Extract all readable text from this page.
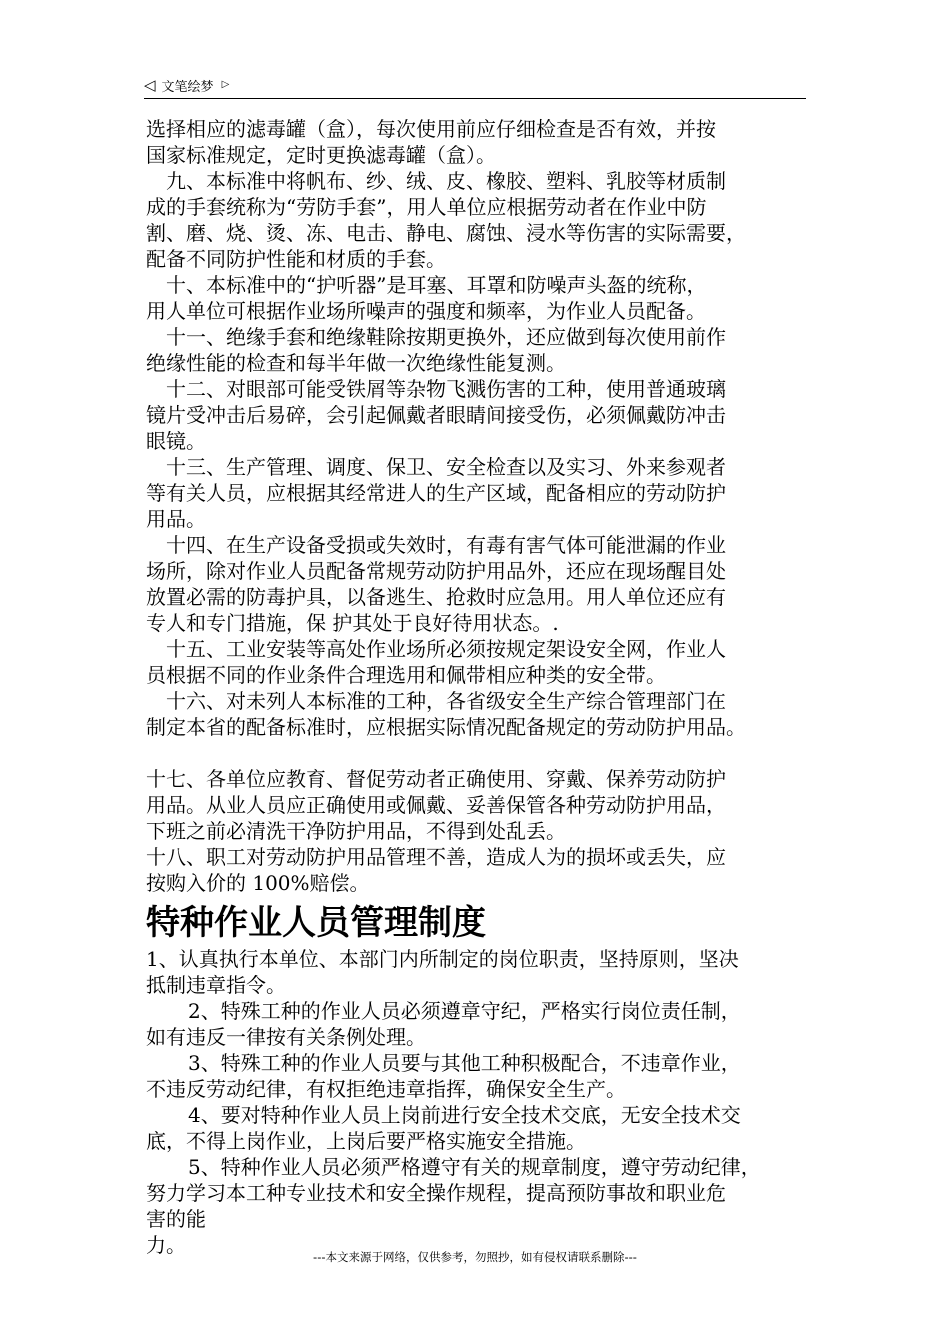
◁ 文笔绘梦 ▷

选择相应的滤毒罐（盒），每次使用前应仔细检查是否有效，并按

国家标准规定，定时更换滤毒罐（盒）。

九、本标准中将帆布、纱、绒、皮、橡胶、塑料、乳胶等材质制

成的手套统称为“劳防手套”，用人单位应根据劳动者在作业中防

割、磨、烧、烫、冻、电击、静电、腐蚀、浸水等伤害的实际需要，

配备不同防护性能和材质的手套。

十、本标准中的“护听器”是耳塞、耳罩和防噪声头盔的统称，

用人单位可根据作业场所噪声的强度和频率，为作业人员配备。

十一、绝缘手套和绝缘鞋除按期更换外，还应做到每次使用前作

绝缘性能的检查和每半年做一次绝缘性能复测。

十二、对眼部可能受铁屑等杂物飞溅伤害的工种，使用普通玻璃

镜片受冲击后易碎，会引起佩戴者眼睛间接受伤，必须佩戴防冲击

眼镜。

十三、生产管理、调度、保卫、安全检查以及实习、外来参观者

等有关人员，应根据其经常进人的生产区域，配备相应的劳动防护

用品。

十四、在生产设备受损或失效时，有毒有害气体可能泄漏的作业

场所，除对作业人员配备常规劳动防护用品外，还应在现场醒目处

放置必需的防毒护具，以备逃生、抢救时应急用。用人单位还应有

专人和专门措施，保 护其处于良好待用状态。.

十五、工业安装等高处作业场所必须按规定架设安全网，作业人

员根据不同的作业条件合理选用和佩带相应种类的安全带。

十六、对未列人本标准的工种，各省级安全生产综合管理部门在

制定本省的配备标准时，应根据实际情况配备规定的劳动防护用品。

十七、各单位应教育、督促劳动者正确使用、穿戴、保养劳动防护

用品。从业人员应正确使用或佩戴、妥善保管各种劳动防护用品，

下班之前必清洗干净防护用品，不得到处乱丢。

十八、职工对劳动防护用品管理不善，造成人为的损坏或丢失，应

按购入价的 100%赔偿。

特种作业人员管理制度

1、认真执行本单位、本部门内所制定的岗位职责，坚持原则，坚决

抵制违章指令。

2、特殊工种的作业人员必须遵章守纪，严格实行岗位责任制，

如有违反一律按有关条例处理。

3、特殊工种的作业人员要与其他工种积极配合，不违章作业，

不违反劳动纪律，有权拒绝违章指挥，确保安全生产。

4、要对特种作业人员上岗前进行安全技术交底，无安全技术交

底，不得上岗作业，上岗后要严格实施安全措施。

5、特种作业人员必须严格遵守有关的规章制度，遵守劳动纪律，

努力学习本工种专业技术和安全操作规程，提高预防事故和职业危

害的能

力。	---本文来源于网络，仅供参考，勿照抄，如有侵权请联系删除---
